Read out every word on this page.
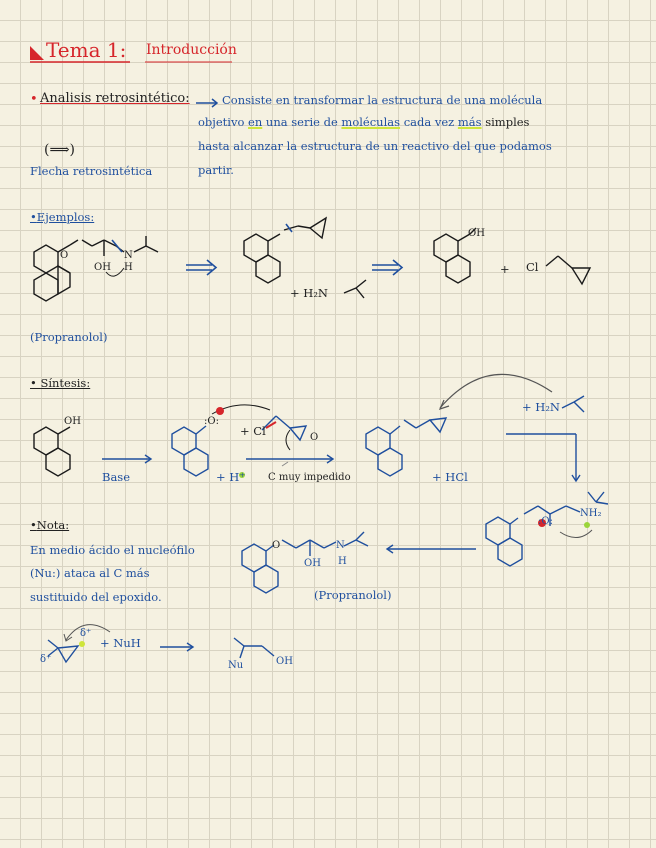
Tema 1: Introducción
• Analisis retrosintético:	Consiste en transformar la estructura de una molécula
objetivo en una serie de moléculas cada vez más simples
hasta alcanzar la estructura de un reactivo del que podamos
partir.
(⟹)
Flecha retrosintética
•Ejemplos:
OH
N
H
O
+ H₂N
OH
+ Cl
(Propranolol)
• Síntesis:
OH
Base
:O:
+ Cl
+ H⁺ C muy impedido
O
+ HCl
+ H₂N
:O:
NH₂
•Nota:
En medio ácido el nucleófilo
(Nu:) ataca al C más
sustituido del epoxido.
O
OH
N
H
(Propranolol)
δ⁺
δ⁺
+ NuH
Nu	OH
